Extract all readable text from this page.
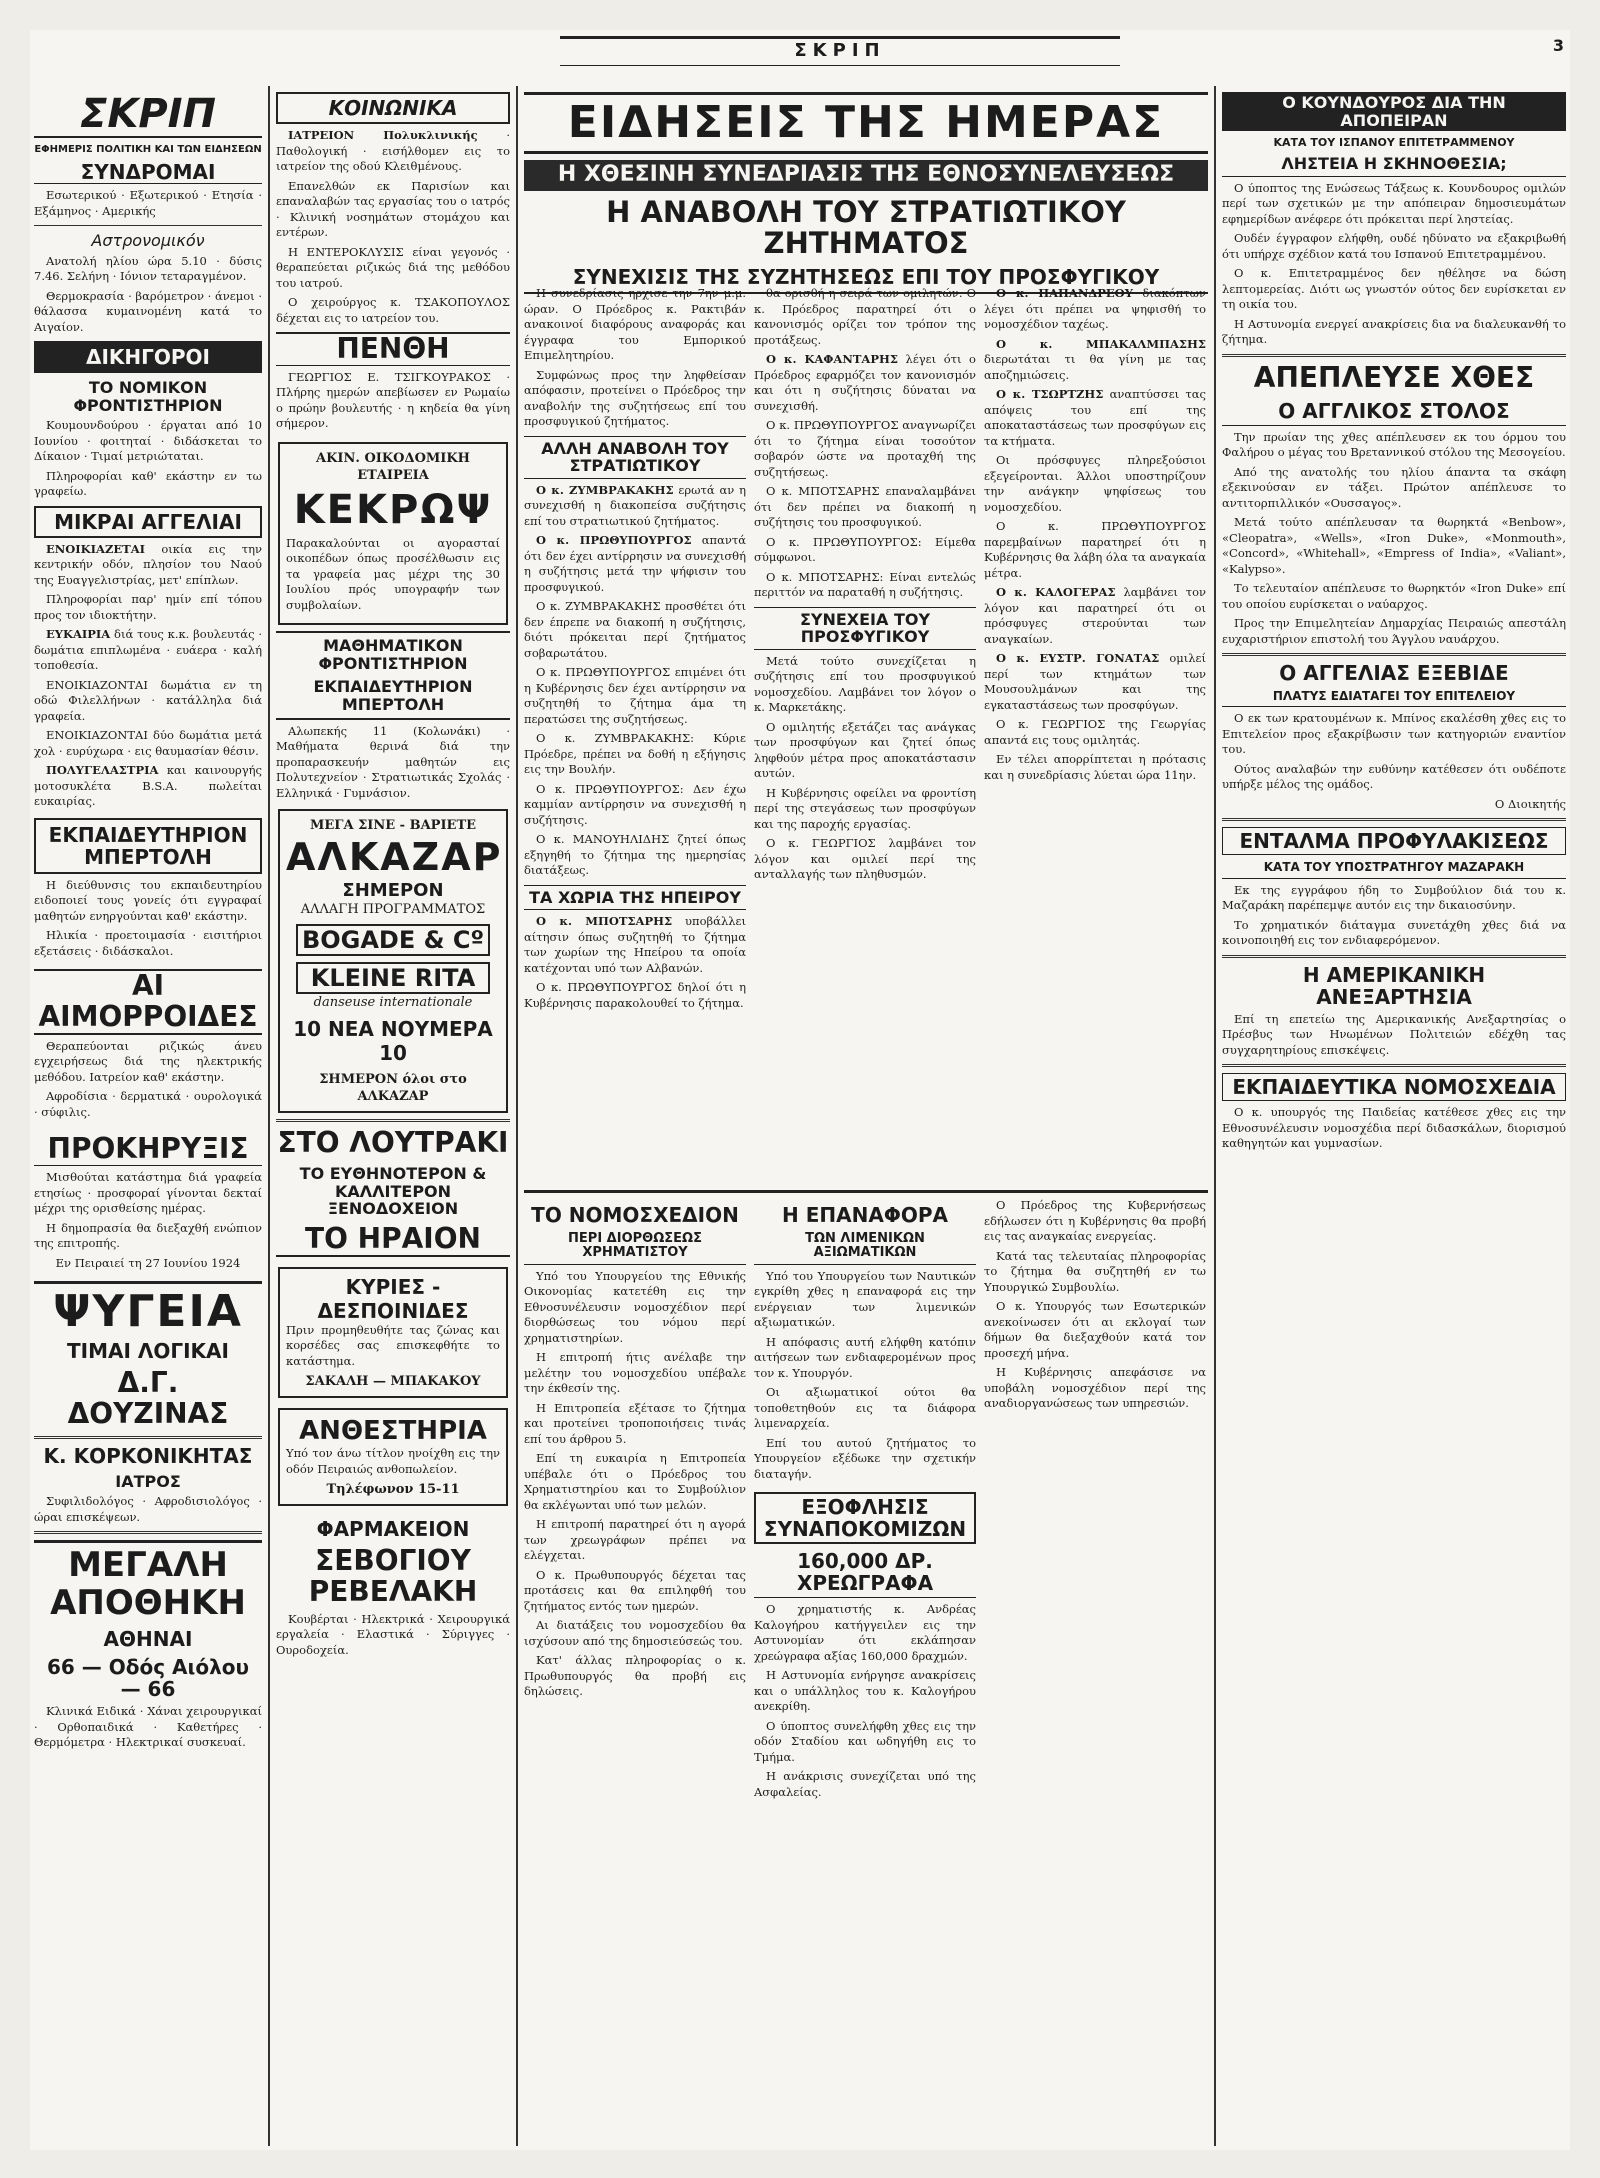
ΣΚΡΙΠ	3
ΣΚΡΙΠ
ΕΦΗΜΕΡΙΣ ΠΟΛΙΤΙΚΗ ΚΑΙ ΤΩΝ ΕΙΔΗΣΕΩΝ
ΣΥΝΔΡΟΜΑΙ

Εσωτερικού · Εξωτερικού · Ετησία · Εξάμηνος · Αμερικής

Αστρονομικόν

Ανατολή ηλίου ώρα 5.10 · δύσις 7.46. Σελήνη · Ιόνιον τεταραγμένον.

Θερμοκρασία · βαρόμετρον · άνεμοι · θάλασσα κυμαινομένη κατά το Αιγαίον.

ΔΙΚΗΓΟΡΟΙ
ΤΟ ΝΟΜΙΚΟΝ ΦΡΟΝΤΙΣΤΗΡΙΟΝ

Κουμουνδούρου · έργαται από 10 Ιουνίου · φοιτηταί · διδάσκεται το Δίκαιον · Τιμαί μετριώταται.

Πληροφορίαι καθ' εκάστην εν τω γραφείω.

ΜΙΚΡΑΙ ΑΓΓΕΛΙΑΙ

ΕΝΟΙΚΙΑΖΕΤΑΙ οικία εις την κεντρικήν οδόν, πλησίον του Ναού της Ευαγγελιστρίας, μετ' επίπλων.

Πληροφορίαι παρ' ημίν επί τόπου προς τον ιδιοκτήτην.

ΕΥΚΑΙΡΙΑ διά τους κ.κ. βουλευτάς · δωμάτια επιπλωμένα · ευάερα · καλή τοποθεσία.

ΕΝΟΙΚΙΑΖΟΝΤΑΙ δωμάτια εν τη οδώ Φιλελλήνων · κατάλληλα διά γραφεία.

ΕΝΟΙΚΙΑΖΟΝΤΑΙ δύο δωμάτια μετά χολ · ευρύχωρα · εις θαυμασίαν θέσιν.

ΠΟΛΥΓΕΛΑΣΤΡΙΑ και καινουργής μοτοσυκλέτα B.S.A. πωλείται ευκαιρίας.

ΕΚΠΑΙΔΕΥΤΗΡΙΟΝ ΜΠΕΡΤΟΛΗ

Η διεύθυνσις του εκπαιδευτηρίου ειδοποιεί τους γονείς ότι εγγραφαί μαθητών ενηργούνται καθ' εκάστην.

Ηλικία · προετοιμασία · εισιτήριοι εξετάσεις · διδάσκαλοι.

ΑΙ ΑΙΜΟΡΡΟΙΔΕΣ

Θεραπεύονται ριζικώς άνευ εγχειρήσεως διά της ηλεκτρικής μεθόδου. Ιατρείον καθ' εκάστην.

Αφροδίσια · δερματικά · ουρολογικά · σύφιλις.

ΠΡΟΚΗΡΥΞΙΣ

Μισθούται κατάστημα διά γραφεία ετησίως · προσφοραί γίνονται δεκταί μέχρι της ορισθείσης ημέρας.

Η δημοπρασία θα διεξαχθή ενώπιον της επιτροπής.

Εν Πειραιεί τη 27 Ιουνίου 1924

ΨΥΓΕΙΑ
ΤΙΜΑΙ ΛΟΓΙΚΑΙ
Δ.Γ. ΔΟΥΖΙΝΑΣ
Κ. ΚΟΡΚΟΝΙΚΗΤΑΣ
ΙΑΤΡΟΣ

Συφιλιδολόγος · Αφροδισιολόγος · ώραι επισκέψεων.

ΜΕΓΑΛΗ ΑΠΟΘΗΚΗ
ΑΘΗΝΑΙ
66 — Οδός Αιόλου — 66

Κλινικά Ειδικά · Χάναι χειρουργικαί · Ορθοπαιδικά · Καθετήρες · Θερμόμετρα · Ηλεκτρικαί συσκευαί.

ΚΟΙΝΩΝΙΚΑ

ΙΑΤΡΕΙΟΝ Πολυκλινικής · Παθολογική · εισήλθομεν εις το ιατρείον της οδού Κλειθμένους.

Επανελθών εκ Παρισίων και επαναλαβών τας εργασίας του ο ιατρός · Κλινική νοσημάτων στομάχου και εντέρων.

Η ΕΝΤΕΡΟΚΛΥΣΙΣ είναι γεγονός · θεραπεύεται ριζικώς διά της μεθόδου του ιατρού.

Ο χειρούργος κ. ΤΣΑΚΟΠΟΥΛΟΣ δέχεται εις το ιατρείον του.

ΠΕΝΘΗ

ΓΕΩΡΓΙΟΣ Ε. ΤΣΙΓΚΟΥΡΑΚΟΣ · Πλήρης ημερών απεβίωσεν εν Ρωμαίω ο πρώην βουλευτής · η κηδεία θα γίνη σήμερον.

ΑΚΙΝ. ΟΙΚΟΔΟΜΙΚΗ ΕΤΑΙΡΕΙΑ
ΚΕΚΡΩΨ

Παρακαλούνται οι αγορασταί οικοπέδων όπως προσέλθωσιν εις τα γραφεία μας μέχρι της 30 Ιουλίου πρός υπογραφήν των συμβολαίων.

ΜΑΘΗΜΑΤΙΚΟΝ ΦΡΟΝΤΙΣΤΗΡΙΟΝ
ΕΚΠΑΙΔΕΥΤΗΡΙΟΝ ΜΠΕΡΤΟΛΗ

Αλωπεκής 11 (Κολωνάκι) · Μαθήματα θερινά διά την προπαρασκευήν μαθητών εις Πολυτεχνείον · Στρατιωτικάς Σχολάς · Ελληνικά · Γυμνάσιον.

ΜΕΓΑ ΣΙΝΕ - ΒΑΡΙΕΤΕ
ΑΛΚΑΖΑΡ
ΣΗΜΕΡΟΝ
ΑΛΛΑΓΗ ΠΡΟΓΡΑΜΜΑΤΟΣ
BOGADE & Cº
KLEINE RITA
danseuse internationale
10 ΝΕΑ ΝΟΥΜΕΡΑ 10
ΣΗΜΕΡΟΝ όλοι στο ΑΛΚΑΖΑΡ
ΣΤΟ ΛΟΥΤΡΑΚΙ
ΤΟ ΕΥΘΗΝΟΤΕΡΟΝ & ΚΑΛΛΙΤΕΡΟΝ ΞΕΝΟΔΟΧΕΙΟΝ
ΤΟ ΗΡΑΙΟΝ
ΚΥΡΙΕΣ - ΔΕΣΠΟΙΝΙΔΕΣ

Πριν προμηθευθήτε τας ζώνας και κορσέδες σας επισκεφθήτε το κατάστημα.

ΣΑΚΑΛΗ — ΜΠΑΚΑΚΟΥ
ΑΝΘΕΣΤΗΡΙΑ

Υπό τον άνω τίτλον ηνοίχθη εις την οδόν Πειραιώς ανθοπωλείον.

Τηλέφωνον 15-11
ΦΑΡΜΑΚΕΙΟΝ
ΣΕΒΟΓΙΟΥ ΡΕΒΕΛΑΚΗ

Κουβέρται · Ηλεκτρικά · Χειρουργικά εργαλεία · Ελαστικά · Σύριγγες · Ουροδοχεία.

ΕΙΔΗΣΕΙΣ ΤΗΣ ΗΜΕΡΑΣ
Η ΧΘΕΣΙΝΗ ΣΥΝΕΔΡΙΑΣΙΣ ΤΗΣ ΕΘΝΟΣΥΝΕΛΕΥΣΕΩΣ
Η ΑΝΑΒΟΛΗ ΤΟΥ ΣΤΡΑΤΙΩΤΙΚΟΥ ΖΗΤΗΜΑΤΟΣ
ΣΥΝΕΧΙΣΙΣ ΤΗΣ ΣΥΖΗΤΗΣΕΩΣ ΕΠΙ ΤΟΥ ΠΡΟΣΦΥΓΙΚΟΥ

Η συνεδρίασις ηρχισε την 7ην μ.μ. ώραν. Ο Πρόεδρος κ. Ρακτιβάν ανακοινοί διαφόρους αναφοράς και έγγραφα του Εμπορικού Επιμελητηρίου.

Συμφώνως προς την ληφθείσαν απόφασιν, προτείνει ο Πρόεδρος την αναβολήν της συζητήσεως επί του προσφυγικού ζητήματος.

ΑΛΛΗ ΑΝΑΒΟΛΗ ΤΟΥ ΣΤΡΑΤΙΩΤΙΚΟΥ

Ο κ. ΖΥΜΒΡΑΚΑΚΗΣ ερωτά αν η συνεχισθή η διακοπείσα συζήτησις επί του στρατιωτικού ζητήματος.

Ο κ. ΠΡΩΘΥΠΟΥΡΓΟΣ απαντά ότι δεν έχει αντίρρησιν να συνεχισθή η συζήτησις μετά την ψήφισιν του προσφυγικού.

Ο κ. ΖΥΜΒΡΑΚΑΚΗΣ προσθέτει ότι δεν έπρεπε να διακοπή η συζήτησις, διότι πρόκειται περί ζητήματος σοβαρωτάτου.

Ο κ. ΠΡΩΘΥΠΟΥΡΓΟΣ επιμένει ότι η Κυβέρνησις δεν έχει αντίρρησιν να συζητηθή το ζήτημα άμα τη περατώσει της συζητήσεως.

Ο κ. ΖΥΜΒΡΑΚΑΚΗΣ: Κύριε Πρόεδρε, πρέπει να δοθή η εξήγησις εις την Βουλήν.

Ο κ. ΠΡΩΘΥΠΟΥΡΓΟΣ: Δεν έχω καμμίαν αντίρρησιν να συνεχισθή η συζήτησις.

Ο κ. ΜΑΝΟΥΗΛΙΔΗΣ ζητεί όπως εξηγηθή το ζήτημα της ημερησίας διατάξεως.

ΤΑ ΧΩΡΙΑ ΤΗΣ ΗΠΕΙΡΟΥ

Ο κ. ΜΠΟΤΣΑΡΗΣ υποβάλλει αίτησιν όπως συζητηθή το ζήτημα των χωρίων της Ηπείρου τα οποία κατέχονται υπό των Αλβανών.

Ο κ. ΠΡΩΘΥΠΟΥΡΓΟΣ δηλοί ότι η Κυβέρνησις παρακολουθεί το ζήτημα.

θα ορισθή η σειρά των ομιλητών. Ο κ. Πρόεδρος παρατηρεί ότι ο κανονισμός ορίζει τον τρόπον της προτάξεως.

Ο κ. ΚΑΦΑΝΤΑΡΗΣ λέγει ότι ο Πρόεδρος εφαρμόζει τον κανονισμόν και ότι η συζήτησις δύναται να συνεχισθή.

Ο κ. ΠΡΩΘΥΠΟΥΡΓΟΣ αναγνωρίζει ότι το ζήτημα είναι τοσούτον σοβαρόν ώστε να προταχθή της συζητήσεως.

Ο κ. ΜΠΟΤΣΑΡΗΣ επαναλαμβάνει ότι δεν πρέπει να διακοπή η συζήτησις του προσφυγικού.

Ο κ. ΠΡΩΘΥΠΟΥΡΓΟΣ: Είμεθα σύμφωνοι.

Ο κ. ΜΠΟΤΣΑΡΗΣ: Είναι εντελώς περιττόν να παραταθή η συζήτησις.

ΣΥΝΕΧΕΙΑ ΤΟΥ ΠΡΟΣΦΥΓΙΚΟΥ

Μετά τούτο συνεχίζεται η συζήτησις επί του προσφυγικού νομοσχεδίου. Λαμβάνει τον λόγον ο κ. Μαρκετάκης.

Ο ομιλητής εξετάζει τας ανάγκας των προσφύγων και ζητεί όπως ληφθούν μέτρα προς αποκατάστασιν αυτών.

Η Κυβέρνησις οφείλει να φροντίση περί της στεγάσεως των προσφύγων και της παροχής εργασίας.

Ο κ. ΓΕΩΡΓΙΟΣ λαμβάνει τον λόγον και ομιλεί περί της ανταλλαγής των πληθυσμών.

Ο κ. ΠΑΠΑΝΔΡΕΟΥ διακόπτων λέγει ότι πρέπει να ψηφισθή το νομοσχέδιον ταχέως.

Ο κ. ΜΠΑΚΑΛΜΠΑΣΗΣ διερωτάται τι θα γίνη με τας αποζημιώσεις.

Ο κ. ΤΣΩΡΤΖΗΣ αναπτύσσει τας απόψεις του επί της αποκαταστάσεως των προσφύγων εις τα κτήματα.

Οι πρόσφυγες πληρεξούσιοι εξεγείρονται. Άλλοι υποστηρίζουν την ανάγκην ψηφίσεως του νομοσχεδίου.

Ο κ. ΠΡΩΘΥΠΟΥΡΓΟΣ παρεμβαίνων παρατηρεί ότι η Κυβέρνησις θα λάβη όλα τα αναγκαία μέτρα.

Ο κ. ΚΑΛΟΓΕΡΑΣ λαμβάνει τον λόγον και παρατηρεί ότι οι πρόσφυγες στερούνται των αναγκαίων.

Ο κ. ΕΥΣΤΡ. ΓΟΝΑΤΑΣ ομιλεί περί των κτημάτων των Μουσουλμάνων και της εγκαταστάσεως των προσφύγων.

Ο κ. ΓΕΩΡΓΙΟΣ της Γεωργίας απαντά εις τους ομιλητάς.

Εν τέλει απορρίπτεται η πρότασις και η συνεδρίασις λύεται ώρα 11ην.

ΤΟ ΝΟΜΟΣΧΕΔΙΟΝ
ΠΕΡΙ ΔΙΟΡΘΩΣΕΩΣ ΧΡΗΜΑΤΙΣΤΟΥ

Υπό του Υπουργείου της Εθνικής Οικονομίας κατετέθη εις την Εθνοσυνέλευσιν νομοσχέδιον περί διορθώσεως του νόμου περί χρηματιστηρίων.

Η επιτροπή ήτις ανέλαβε την μελέτην του νομοσχεδίου υπέβαλε την έκθεσίν της.

Η Επιτροπεία εξέτασε το ζήτημα και προτείνει τροποποιήσεις τινάς επί του άρθρου 5.

Επί τη ευκαιρία η Επιτροπεία υπέβαλε ότι ο Πρόεδρος του Χρηματιστηρίου και το Συμβούλιον θα εκλέγωνται υπό των μελών.

Η επιτροπή παρατηρεί ότι η αγορά των χρεωγράφων πρέπει να ελέγχεται.

Ο κ. Πρωθυπουργός δέχεται τας προτάσεις και θα επιληφθή του ζητήματος εντός των ημερών.

Αι διατάξεις του νομοσχεδίου θα ισχύσουν από της δημοσιεύσεώς του.

Κατ' άλλας πληροφορίας ο κ. Πρωθυπουργός θα προβή εις δηλώσεις.

Η ΕΠΑΝΑΦΟΡΑ
ΤΩΝ ΛΙΜΕΝΙΚΩΝ ΑΞΙΩΜΑΤΙΚΩΝ

Υπό του Υπουργείου των Ναυτικών εγκρίθη χθες η επαναφορά εις την ενέργειαν των λιμενικών αξιωματικών.

Η απόφασις αυτή ελήφθη κατόπιν αιτήσεων των ενδιαφερομένων προς τον κ. Υπουργόν.

Οι αξιωματικοί ούτοι θα τοποθετηθούν εις τα διάφορα λιμεναρχεία.

Επί του αυτού ζητήματος το Υπουργείον εξέδωκε την σχετικήν διαταγήν.

ΕΞΟΦΛΗΣΙΣ ΣΥΝΑΠΟΚΟΜΙΖΩΝ
160,000 ΔΡ. ΧΡΕΩΓΡΑΦΑ

Ο χρηματιστής κ. Ανδρέας Καλογήρου κατήγγειλεν εις την Αστυνομίαν ότι εκλάπησαν χρεώγραφα αξίας 160,000 δραχμών.

Η Αστυνομία ενήργησε ανακρίσεις και ο υπάλληλος του κ. Καλογήρου ανεκρίθη.

Ο ύποπτος συνελήφθη χθες εις την οδόν Σταδίου και ωδηγήθη εις το Τμήμα.

Η ανάκρισις συνεχίζεται υπό της Ασφαλείας.

Ο Πρόεδρος της Κυβερνήσεως εδήλωσεν ότι η Κυβέρνησις θα προβή εις τας αναγκαίας ενεργείας.

Κατά τας τελευταίας πληροφορίας το ζήτημα θα συζητηθή εν τω Υπουργικώ Συμβουλίω.

Ο κ. Υπουργός των Εσωτερικών ανεκοίνωσεν ότι αι εκλογαί των δήμων θα διεξαχθούν κατά τον προσεχή μήνα.

Η Κυβέρνησις απεφάσισε να υποβάλη νομοσχέδιον περί της αναδιοργανώσεως των υπηρεσιών.

Ο ΚΟΥΝΔΟΥΡΟΣ ΔΙΑ ΤΗΝ ΑΠΟΠΕΙΡΑΝ
ΚΑΤΑ ΤΟΥ ΙΣΠΑΝΟΥ ΕΠΙΤΕΤΡΑΜΜΕΝΟΥ
ΛΗΣΤΕΙΑ Η ΣΚΗΝΟΘΕΣΙΑ;

Ο ύποπτος της Ενώσεως Τάξεως κ. Κουνδουρος ομιλών περί των σχετικών με την απόπειραν δημοσιευμάτων εφημερίδων ανέφερε ότι πρόκειται περί ληστείας.

Ουδέν έγγραφον ελήφθη, ουδέ ηδύνατο να εξακριβωθή ότι υπήρχε σχέδιον κατά του Ισπανού Επιτετραμμένου.

Ο κ. Επιτετραμμένος δεν ηθέλησε να δώση λεπτομερείας. Διότι ως γνωστόν ούτος δεν ευρίσκεται εν τη οικία του.

Η Αστυνομία ενεργεί ανακρίσεις δια να διαλευκανθή το ζήτημα.

ΑΠΕΠΛΕΥΣΕ ΧΘΕΣ
Ο ΑΓΓΛΙΚΟΣ ΣΤΟΛΟΣ

Την πρωίαν της χθες απέπλευσεν εκ του όρμου του Φαλήρου ο μέγας του Βρεταννικού στόλου της Μεσογείου.

Από της ανατολής του ηλίου άπαντα τα σκάφη εξεκινούσαν εν τάξει. Πρώτον απέπλευσε το αντιτορπιλλικόν «Ουσσαγος».

Μετά τούτο απέπλευσαν τα θωρηκτά «Benbow», «Cleopatra», «Wells», «Iron Duke», «Monmouth», «Concord», «Whitehall», «Empress of India», «Valiant», «Kalypso».

Το τελευταίον απέπλευσε το θωρηκτόν «Iron Duke» επί του οποίου ευρίσκεται ο ναύαρχος.

Προς την Επιμελητείαν Δημαρχίας Πειραιώς απεστάλη ευχαριστήριον επιστολή του Άγγλου ναυάρχου.

Ο ΑΓΓΕΛΙΑΣ ΕΞΕΒΙΔΕ
ΠΛΑΤΥΣ ΕΔΙΑΤΑΓΕΙ ΤΟΥ ΕΠΙΤΕΛΕΙΟΥ

Ο εκ των κρατουμένων κ. Μπίνος εκαλέσθη χθες εις το Επιτελείον προς εξακρίβωσιν των κατηγοριών εναντίον του.

Ούτος αναλαβών την ευθύνην κατέθεσεν ότι ουδέποτε υπήρξε μέλος της ομάδος.

Ο Διοικητής

ΕΝΤΑΛΜΑ ΠΡΟΦΥΛΑΚΙΣΕΩΣ
ΚΑΤΑ ΤΟΥ ΥΠΟΣΤΡΑΤΗΓΟΥ ΜΑΖΑΡΑΚΗ

Εκ της εγγράφου ήδη το Συμβούλιον διά του κ. Μαζαράκη παρέπεμψε αυτόν εις την δικαιοσύνην.

Το χρηματικόν διάταγμα συνετάχθη χθες διά να κοινοποιηθή εις τον ενδιαφερόμενον.

Η ΑΜΕΡΙΚΑΝΙΚΗ ΑΝΕΞΑΡΤΗΣΙΑ

Επί τη επετείω της Αμερικανικής Ανεξαρτησίας ο Πρέσβυς των Ηνωμένων Πολιτειών εδέχθη τας συγχαρητηρίους επισκέψεις.

ΕΚΠΑΙΔΕΥΤΙΚΑ ΝΟΜΟΣΧΕΔΙΑ

Ο κ. υπουργός της Παιδείας κατέθεσε χθες εις την Εθνοσυνέλευσιν νομοσχέδια περί διδασκάλων, διορισμού καθηγητών και γυμνασίων.
